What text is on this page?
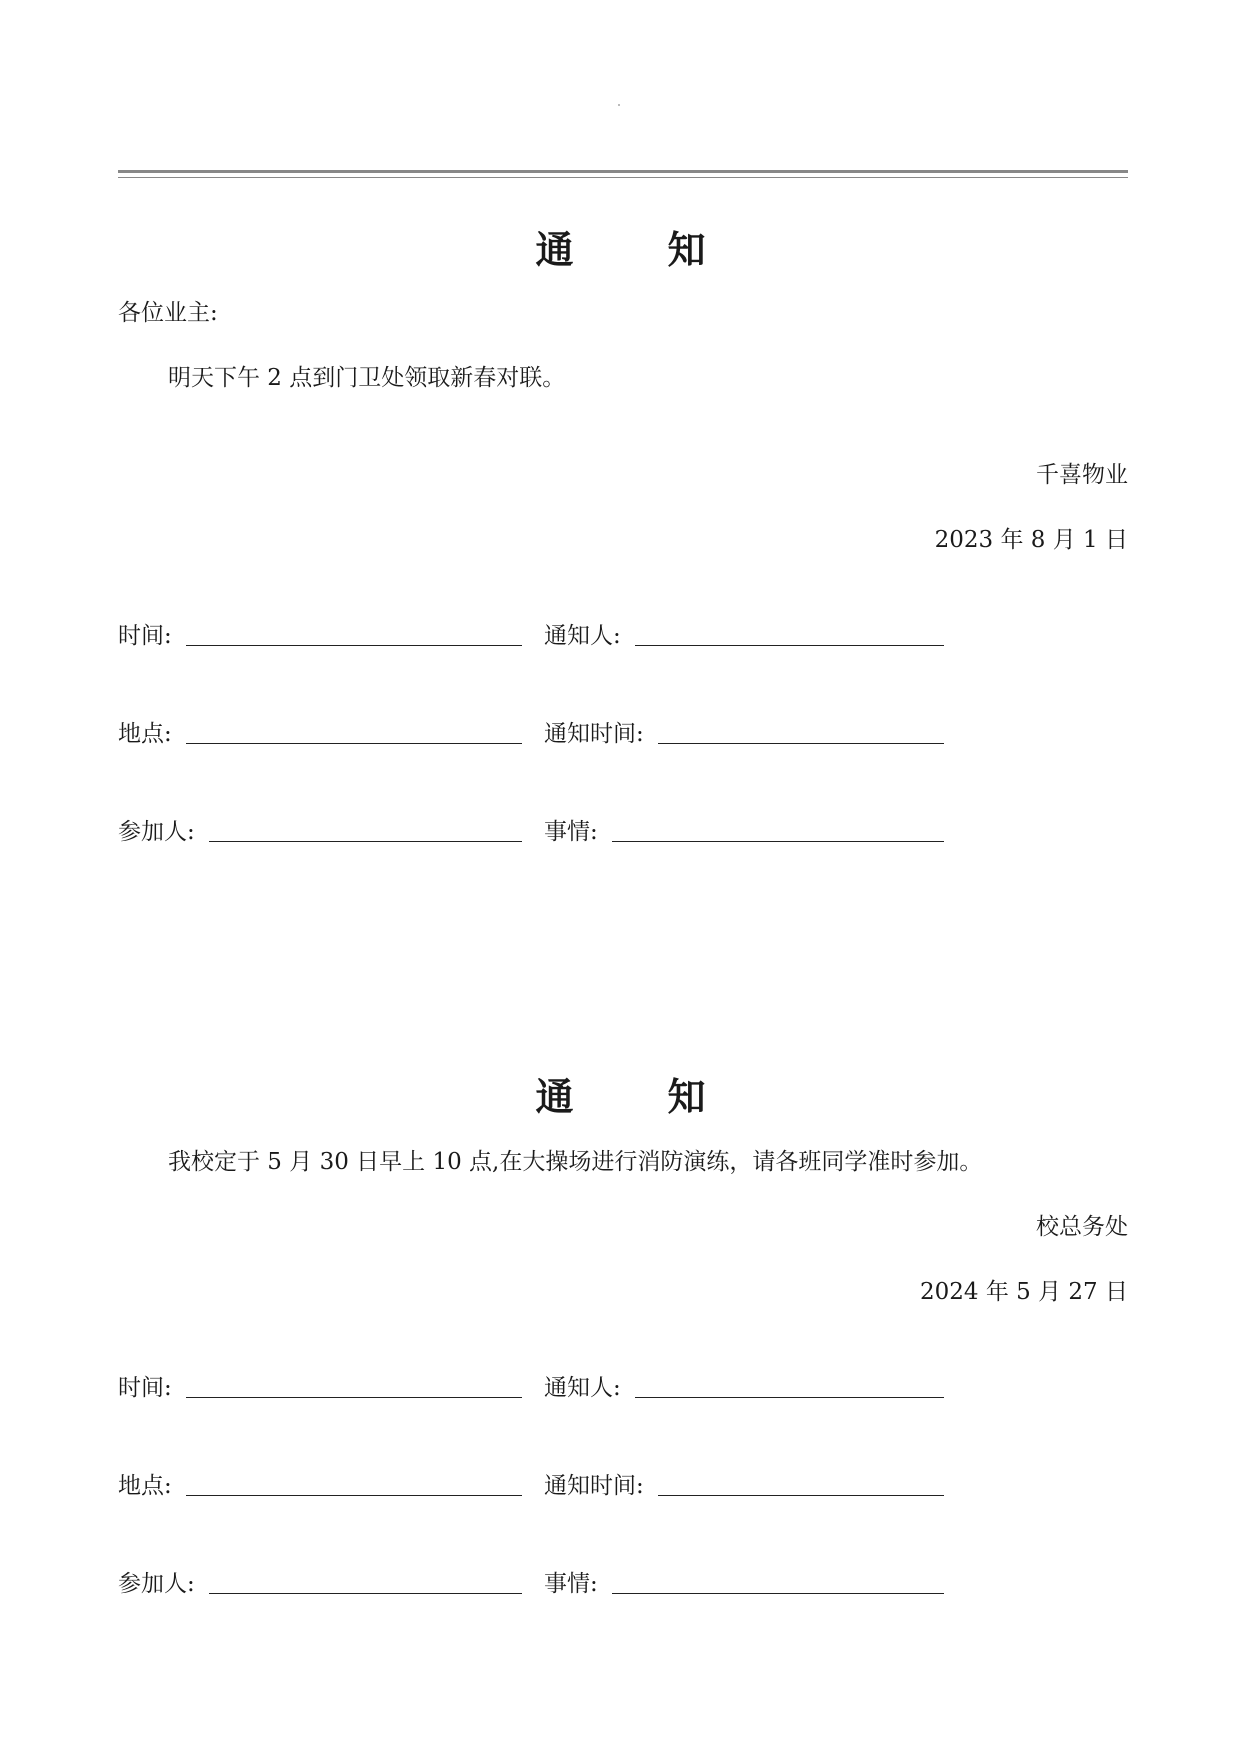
通　知
各位业主:
明天下午 2 点到门卫处领取新春对联。
千喜物业
2023 年 8 月 1 日
时间:	通知人:
地点:	通知时间:
参加人:	事情:
通　知
我校定于 5 月 30 日早上 10 点,在大操场进行消防演练，请各班同学准时参加。
校总务处
2024 年 5 月 27 日
时间:	通知人:
地点:	通知时间:
参加人:	事情:
